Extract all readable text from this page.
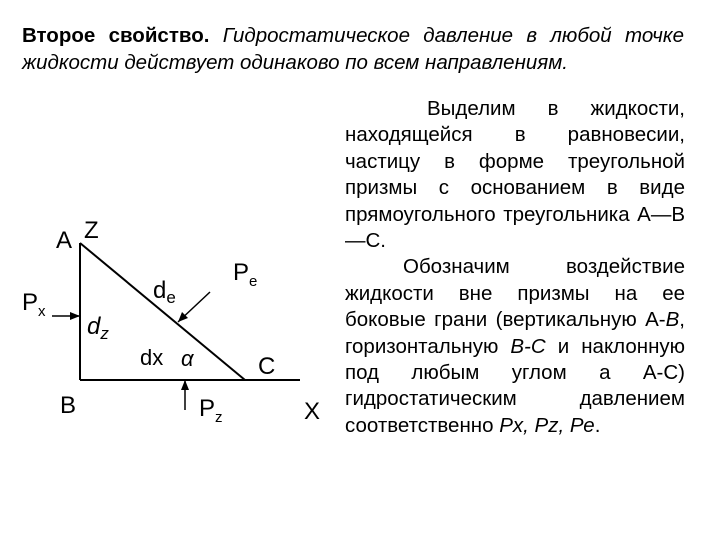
Второе свойство. Гидростатическое давление в любой точке жидкости действует одинаково по всем направлениям.

Выделим в жидкости, находящейся в равновесии, частицу в форме треугольной призмы с основанием в виде прямоугольного треугольника А—В—С.

Обозначим воздействие жидкости вне призмы на ее боковые грани (вертикальную А-В, горизонтальную В-С и наклонную под любым углом а А-С) гидростатическим давлением соответственно Рх, Pz, Ре.

А Z
$Р_х$
$d_z$
В
$d_e$
$Р_е$
dх α	С
$Р_z$	Х
